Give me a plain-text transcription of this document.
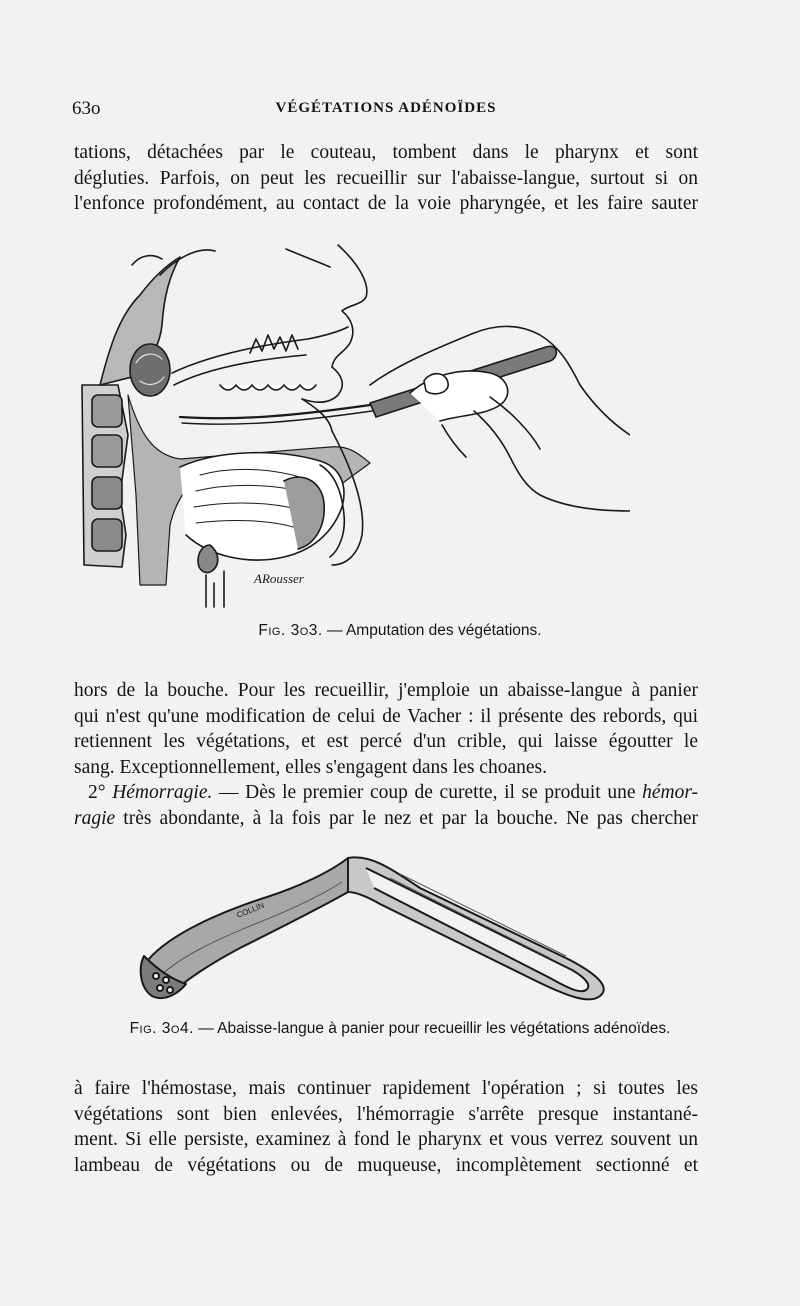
63o	VÉGÉTATIONS ADÉNOÏDES
tations, détachées par le couteau, tombent dans le pharynx et sont
dégluties. Parfois, on peut les recueillir sur l'abaisse-langue, surtout si on
l'enfonce profondément, au contact de la voie pharyngée, et les faire sauter
ARousser
Fig. 3o3. — Amputation des végétations.
hors de la bouche. Pour les recueillir, j'emploie un abaisse-langue à panier
qui n'est qu'une modification de celui de Vacher : il présente des rebords, qui
retiennent les végétations, et est percé d'un crible, qui laisse égoutter le
sang. Exceptionnellement, elles s'engagent dans les choanes.
2° Hémorragie. — Dès le premier coup de curette, il se produit une hémor-
ragie très abondante, à la fois par le nez et par la bouche. Ne pas chercher
COLLIN
Fig. 3o4. — Abaisse-langue à panier pour recueillir les végétations adénoïdes.
à faire l'hémostase, mais continuer rapidement l'opération ; si toutes les
végétations sont bien enlevées, l'hémorragie s'arrête presque instantané-
ment. Si elle persiste, examinez à fond le pharynx et vous verrez souvent un
lambeau de végétations ou de muqueuse, incomplètement sectionné et
